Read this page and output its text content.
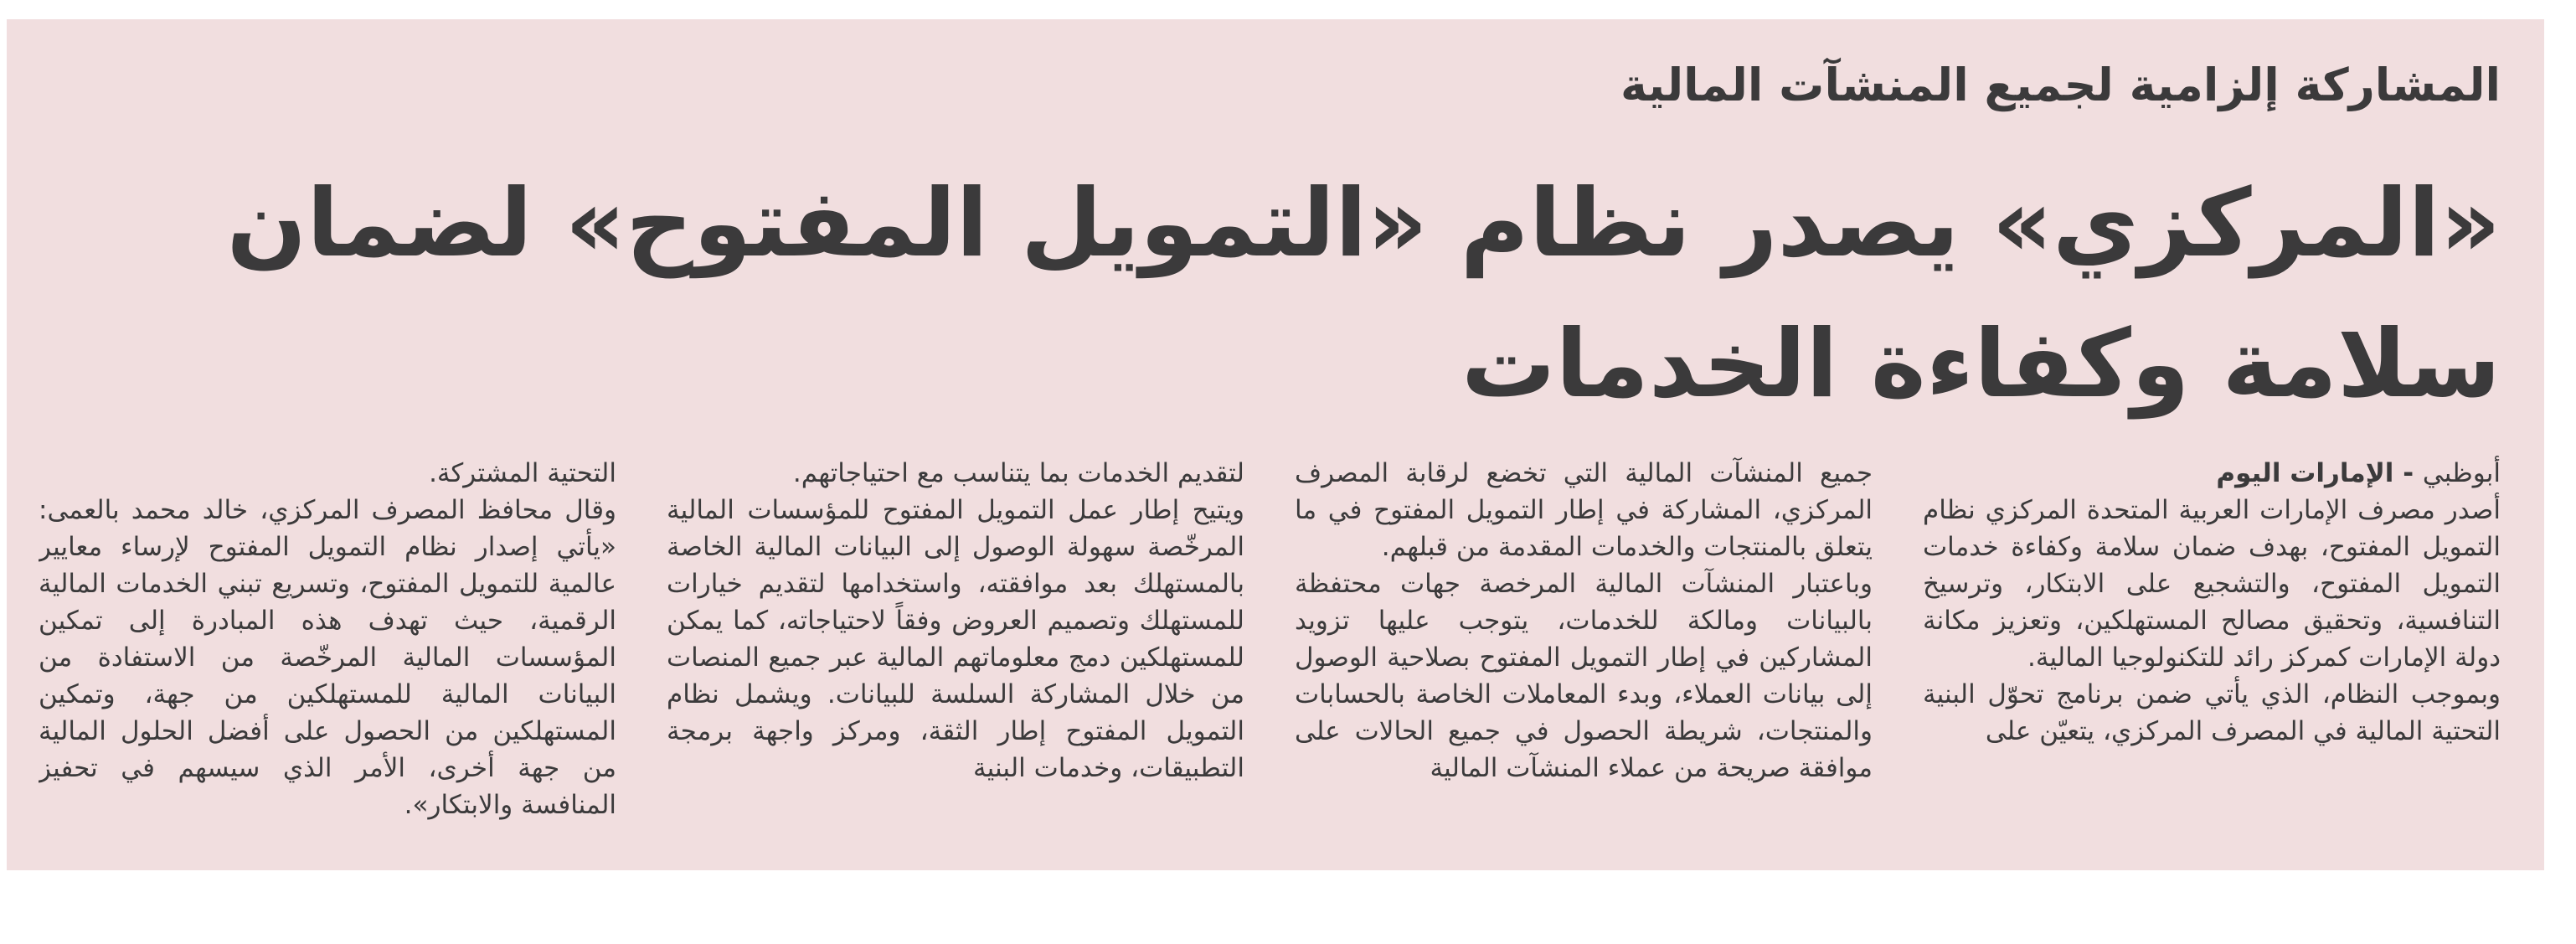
المشاركة إلزامية لجميع المنشآت المالية
«المركزي» يصدر نظام «التمويل المفتوح» لضمان سلامة وكفاءة الخدمات

أبوظبي - الإمارات اليوم

أصدر مصرف الإمارات العربية المتحدة المركزي نظام التمويل المفتوح، بهدف ضمان سلامة وكفاءة خدمات التمويل المفتوح، والتشجيع على الابتكار، وترسيخ التنافسية، وتحقيق مصالح المستهلكين، وتعزيز مكانة دولة الإمارات كمركز رائد للتكنولوجيا المالية.

وبموجب النظام، الذي يأتي ضمن برنامج تحوّل البنية التحتية المالية في المصرف المركزي، يتعيّن على

جميع المنشآت المالية التي تخضع لرقابة المصرف المركزي، المشاركة في إطار التمويل المفتوح في ما يتعلق بالمنتجات والخدمات المقدمة من قبلهم.

وباعتبار المنشآت المالية المرخصة جهات محتفظة بالبيانات ومالكة للخدمات، يتوجب عليها تزويد المشاركين في إطار التمويل المفتوح بصلاحية الوصول إلى بيانات العملاء، وبدء المعاملات الخاصة بالحسابات والمنتجات، شريطة الحصول في جميع الحالات على موافقة صريحة من عملاء المنشآت المالية

لتقديم الخدمات بما يتناسب مع احتياجاتهم.

ويتيح إطار عمل التمويل المفتوح للمؤسسات المالية المرخّصة سهولة الوصول إلى البيانات المالية الخاصة بالمستهلك بعد موافقته، واستخدامها لتقديم خيارات للمستهلك وتصميم العروض وفقاً لاحتياجاته، كما يمكن للمستهلكين دمج معلوماتهم المالية عبر جميع المنصات من خلال المشاركة السلسة للبيانات. ويشمل نظام التمويل المفتوح إطار الثقة، ومركز واجهة برمجة التطبيقات، وخدمات البنية

التحتية المشتركة.

وقال محافظ المصرف المركزي، خالد محمد بالعمى: «يأتي إصدار نظام التمويل المفتوح لإرساء معايير عالمية للتمويل المفتوح، وتسريع تبني الخدمات المالية الرقمية، حيث تهدف هذه المبادرة إلى تمكين المؤسسات المالية المرخّصة من الاستفادة من البيانات المالية للمستهلكين من جهة، وتمكين المستهلكين من الحصول على أفضل الحلول المالية من جهة أخرى، الأمر الذي سيسهم في تحفيز المنافسة والابتكار».
